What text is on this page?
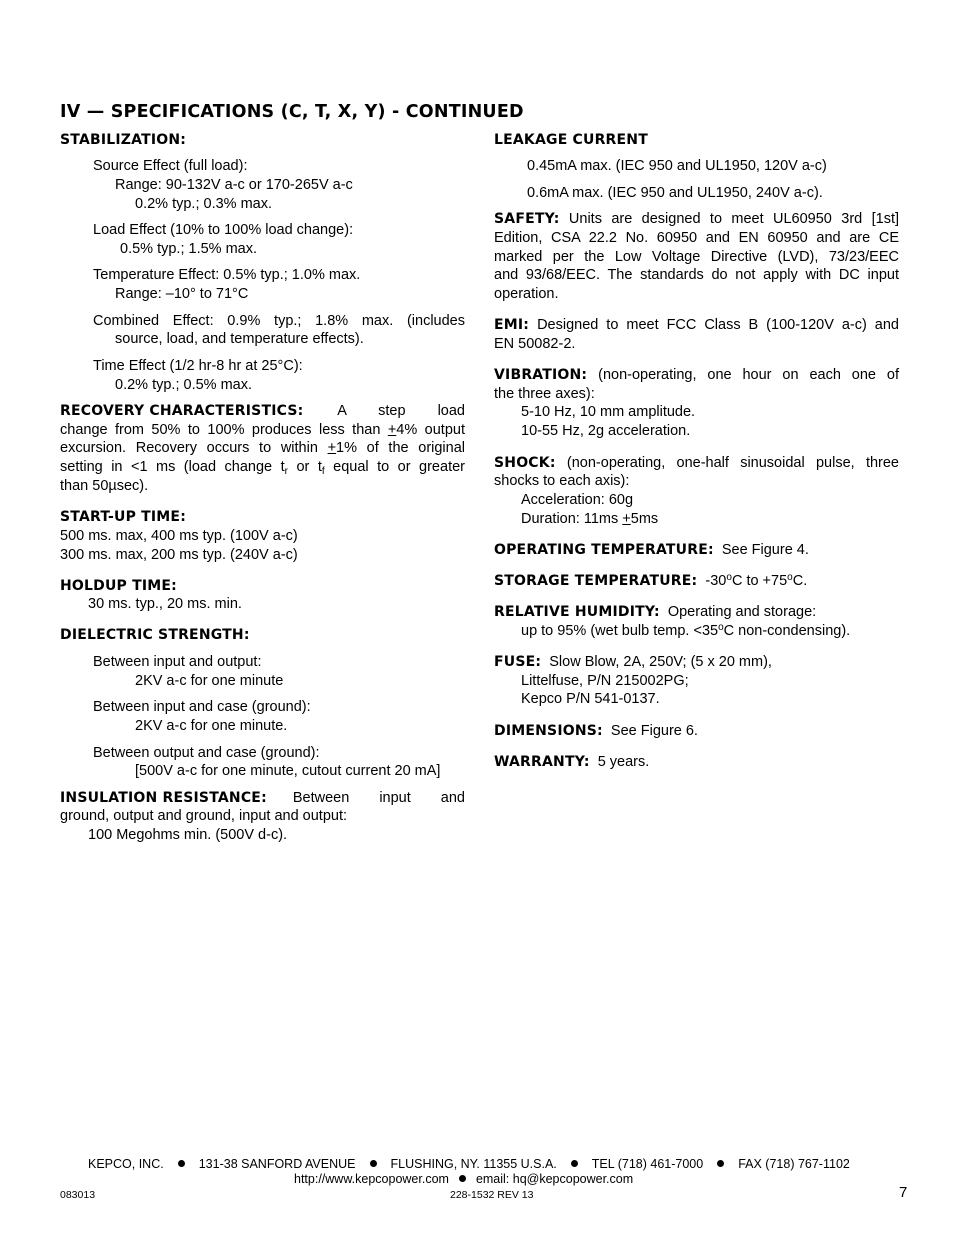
IV — SPECIFICATIONS (C, T, X, Y) - CONTINUED
STABILIZATION:
Source Effect (full load):
Range: 90-132V a-c or 170-265V a-c
0.2% typ.; 0.3% max.
Load Effect (10% to 100% load change):
0.5% typ.; 1.5% max.
Temperature Effect: 0.5% typ.; 1.0% max.
Range: –10° to 71°C
Combined Effect: 0.9% typ.; 1.8% max. (includes
source, load, and temperature effects).
Time Effect (1/2 hr-8 hr at 25°C):
0.2% typ.; 0.5% max.
RECOVERY CHARACTERISTICS: A step load
change from 50% to 100% produces less than +4% output
excursion. Recovery occurs to within +1% of the original
setting in <1 ms (load change $t_r$ or $t_f$ equal to or greater
than 50µsec).
START-UP TIME:
500 ms. max, 400 ms typ. (100V a-c)
300 ms. max, 200 ms typ. (240V a-c)
HOLDUP TIME:
30 ms. typ., 20 ms. min.
DIELECTRIC STRENGTH:
Between input and output:
2KV a-c for one minute
Between input and case (ground):
2KV a-c for one minute.
Between output and case (ground):
[500V a-c for one minute, cutout current 20 mA]
INSULATION RESISTANCE: Between input and
ground, output and ground, input and output:
100 Megohms min. (500V d-c).
LEAKAGE CURRENT
0.45mA max. (IEC 950 and UL1950, 120V a-c)
0.6mA max. (IEC 950 and UL1950, 240V a-c).
SAFETY: Units are designed to meet UL60950 3rd [1st]
Edition, CSA 22.2 No. 60950 and EN 60950 and are CE
marked per the Low Voltage Directive (LVD), 73/23/EEC
and 93/68/EEC. The standards do not apply with DC input
operation.
EMI: Designed to meet FCC Class B (100-120V a-c) and
EN 50082-2.
VIBRATION: (non-operating, one hour on each one of
the three axes):
5-10 Hz, 10 mm amplitude.
10-55 Hz, 2g acceleration.
SHOCK: (non-operating, one-half sinusoidal pulse, three
shocks to each axis):
Acceleration: 60g
Duration: 11ms +5ms
OPERATING TEMPERATURE: See Figure 4.
STORAGE TEMPERATURE: -30$^o$C to $+75^oC$.
RELATIVE HUMIDITY: Operating and storage:
up to 95% (wet bulb temp. $<35^oC$ non-condensing).
FUSE: Slow Blow, 2A, 250V; (5 x 20 mm),
Littelfuse, P/N 215002PG;
Kepco P/N 541-0137.
DIMENSIONS: See Figure 6.
WARRANTY: 5 years.
KEPCO, INC.	131-38 SANFORD AVENUE	FLUSHING, NY. 11355 U.S.A.	TEL (718) 461-7000	FAX (718) 767-1102
http://www.kepcopower.com email: hq@kepcopower.com
083013	228-1532 REV 13	7
